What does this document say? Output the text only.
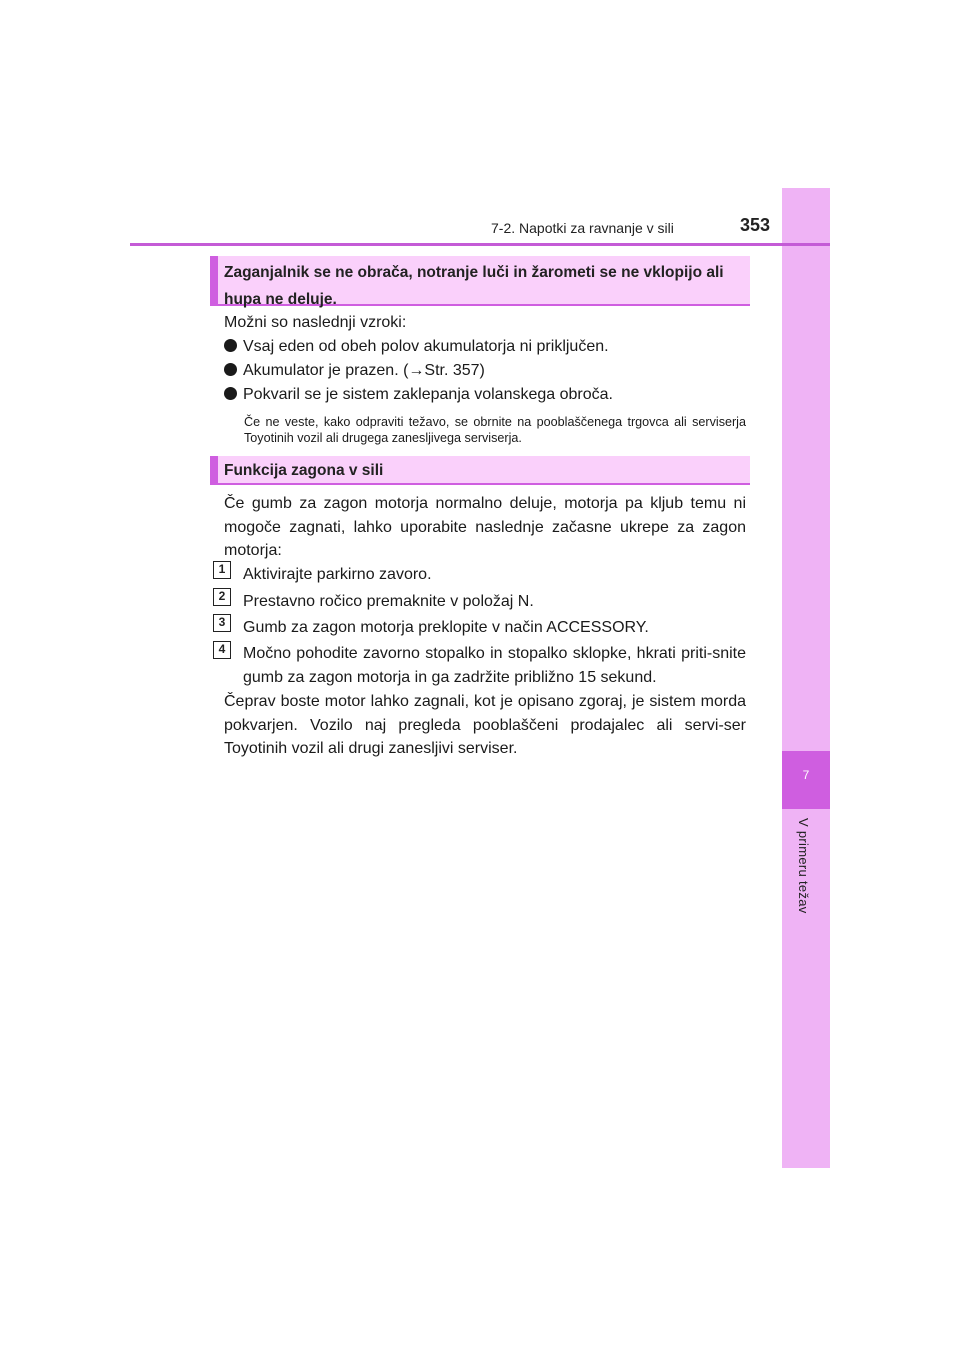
7
V primeru težav
7-2. Napotki za ravnanje v sili	353
Zaganjalnik se ne obrača, notranje luči in žarometi se ne vklopijo ali hupa ne deluje.
Možni so naslednji vzroki:
Vsaj eden od obeh polov akumulatorja ni priključen.
Akumulator je prazen. (→Str. 357)
Pokvaril se je sistem zaklepanja volanskega obroča.
Če ne veste, kako odpraviti težavo, se obrnite na pooblaščenega trgovca ali serviserja Toyotinih vozil ali drugega zanesljivega serviserja.
Funkcija zagona v sili
Če gumb za zagon motorja normalno deluje, motorja pa kljub temu ni mogoče zagnati, lahko uporabite naslednje začasne ukrepe za zagon motorja:
1	Aktivirajte parkirno zavoro.
2	Prestavno ročico premaknite v položaj N.
3	Gumb za zagon motorja preklopite v način ACCESSORY.
4	Močno pohodite zavorno stopalko in stopalko sklopke, hkrati priti-snite gumb za zagon motorja in ga zadržite približno 15 sekund.
Čeprav boste motor lahko zagnali, kot je opisano zgoraj, je sistem morda pokvarjen. Vozilo naj pregleda pooblaščeni prodajalec ali servi-ser Toyotinih vozil ali drugi zanesljivi serviser.
